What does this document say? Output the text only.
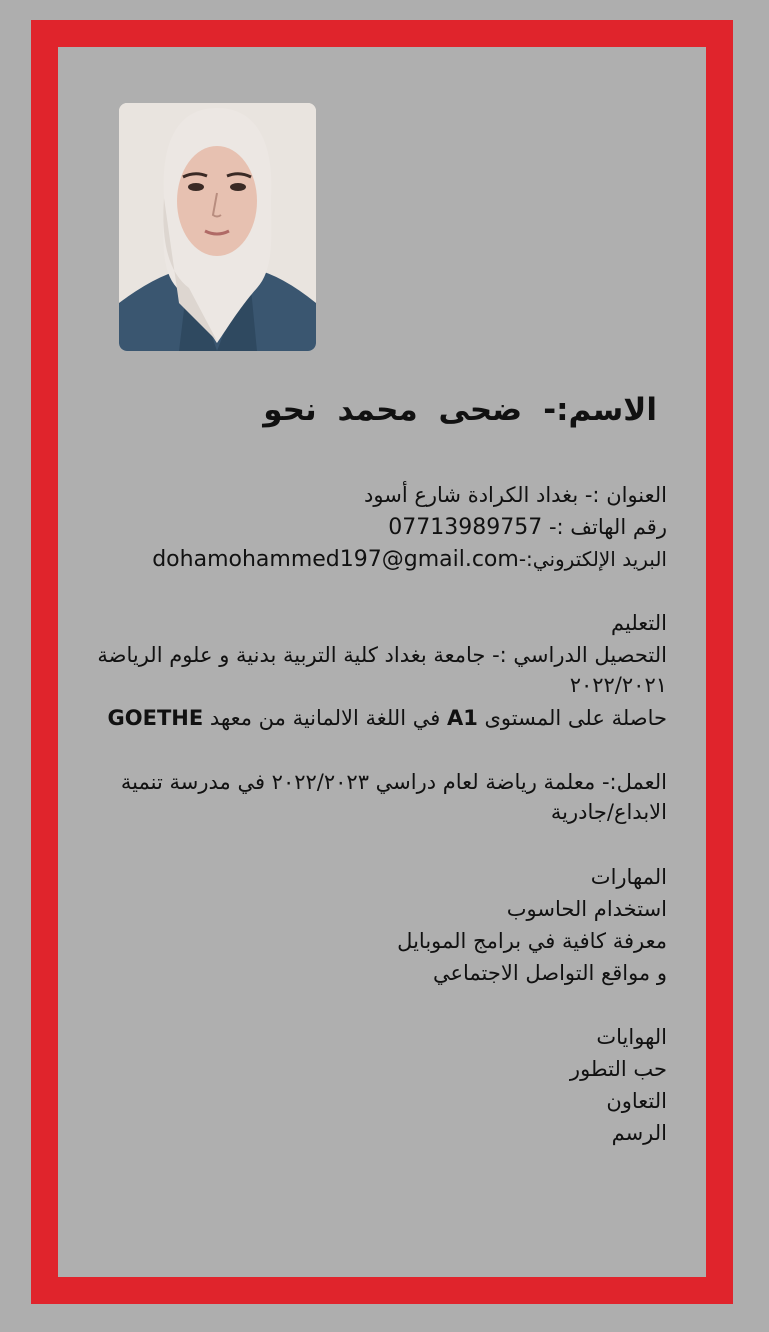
الاسم:- ضحى محمد نحو
العنوان :- بغداد الكرادة شارع أسود
رقم الهاتف :- 07713989757
البريد الإلكتروني:-dohamohammed197@gmail.com
التعليم
التحصيل الدراسي :- جامعة بغداد كلية التربية بدنية و علوم الرياضة ٢٠٢٢/٢٠٢١
حاصلة على المستوى A1 في اللغة الالمانية من معهد GOETHE
العمل:- معلمة رياضة لعام دراسي ٢٠٢٢/٢٠٢٣ في مدرسة تنمية الابداع/جادرية
المهارات
استخدام الحاسوب
معرفة كافية في برامج الموبايل
و مواقع التواصل الاجتماعي
الهوايات
حب التطور
التعاون
الرسم
